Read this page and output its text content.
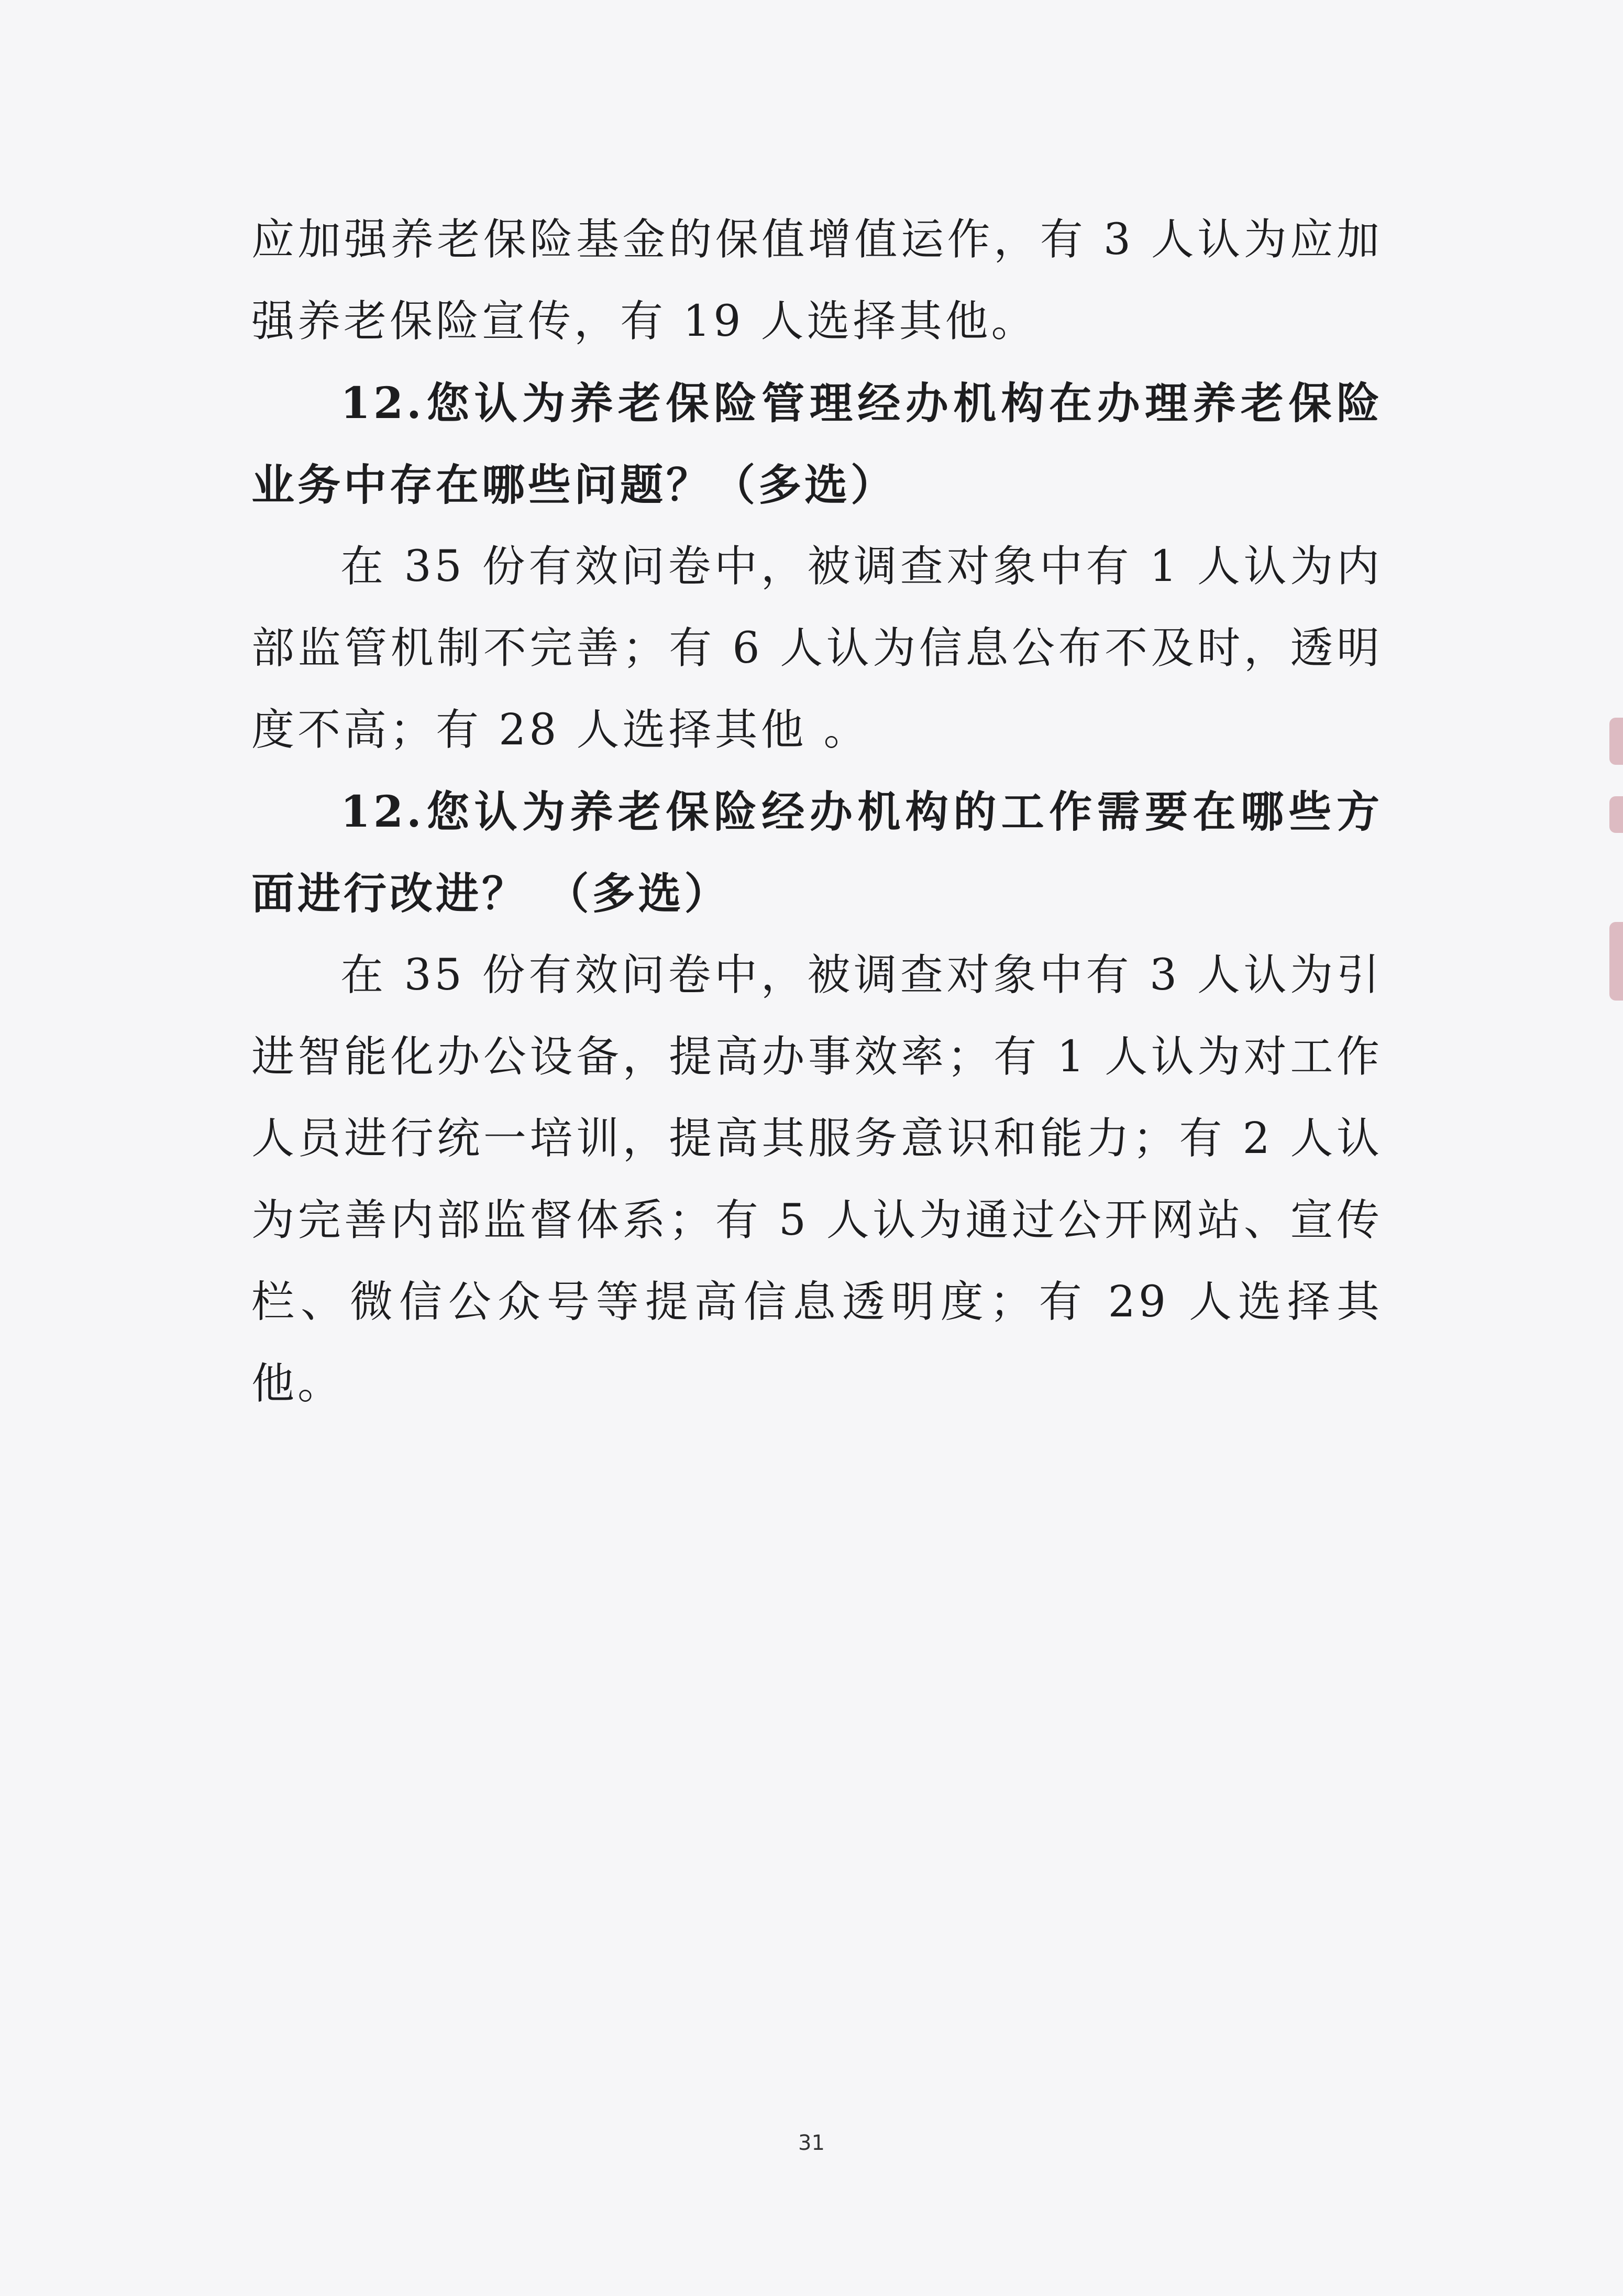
应加强养老保险基金的保值增值运作，有 3 人认为应加强养老保险宣传，有 19 人选择其他。

12.您认为养老保险管理经办机构在办理养老保险业务中存在哪些问题？（多选）

在 35 份有效问卷中，被调查对象中有 1 人认为内部监管机制不完善；有 6 人认为信息公布不及时，透明度不高；有 28 人选择其他 。

12.您认为养老保险经办机构的工作需要在哪些方面进行改进？ （多选）

在 35 份有效问卷中，被调查对象中有 3 人认为引进智能化办公设备，提高办事效率；有 1 人认为对工作人员进行统一培训，提高其服务意识和能力；有 2 人认为完善内部监督体系；有 5 人认为通过公开网站、宣传栏、微信公众号等提高信息透明度；有 29 人选择其他。

31
